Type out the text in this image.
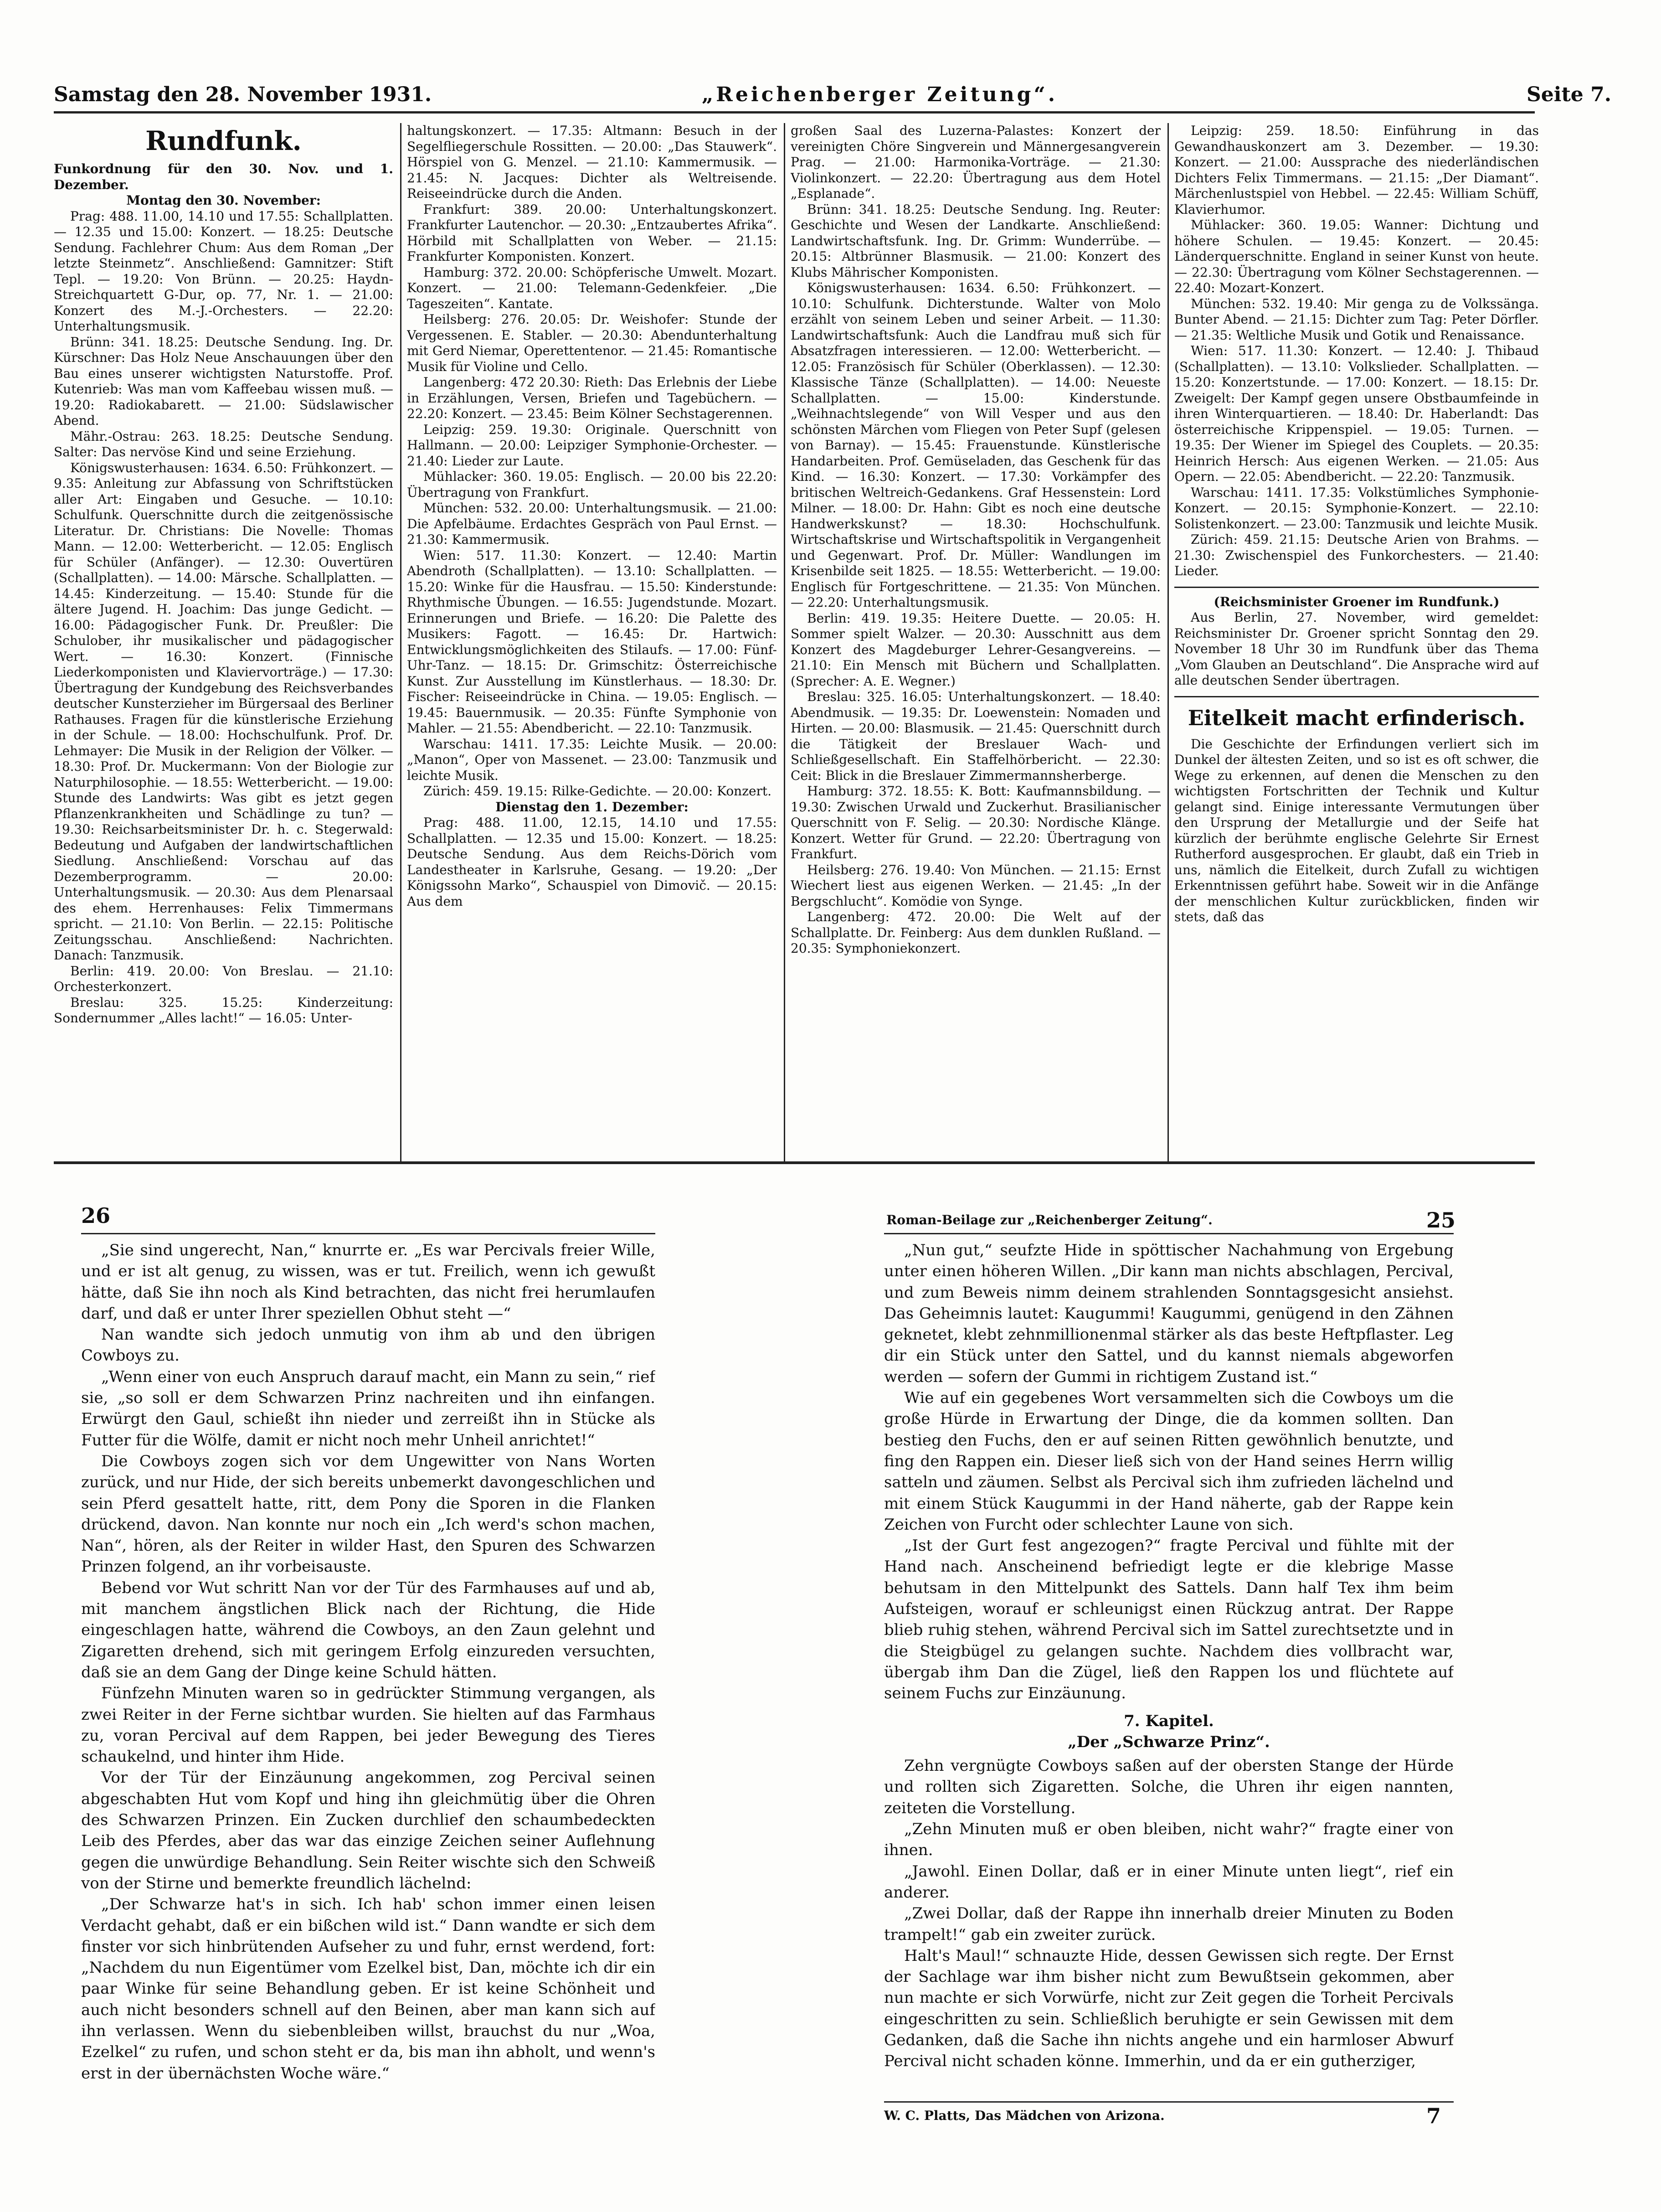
Samstag den 28. November 1931.	„Reichenberger Zeitung“.	Seite 7.

Rundfunk.

Funkordnung für den 30. Nov. und 1. Dezember.

Montag den 30. November:

Prag: 488. 11.00, 14.10 und 17.55: Schallplatten. — 12.35 und 15.00: Konzert. — 18.25: Deutsche Sendung. Fachlehrer Chum: Aus dem Roman „Der letzte Steinmetz“. Anschließend: Gamnitzer: Stift Tepl. — 19.20: Von Brünn. — 20.25: Haydn-Streichquartett G-Dur, op. 77, Nr. 1. — 21.00: Konzert des M.-J.-Orchesters. — 22.20: Unterhaltungsmusik.

Brünn: 341. 18.25: Deutsche Sendung. Ing. Dr. Kürschner: Das Holz Neue Anschauungen über den Bau eines unserer wichtigsten Naturstoffe. Prof. Kutenrieb: Was man vom Kaffeebau wissen muß. — 19.20: Radiokabarett. — 21.00: Südslawischer Abend.

Mähr.-Ostrau: 263. 18.25: Deutsche Sendung. Salter: Das nervöse Kind und seine Erziehung.

Königswusterhausen: 1634. 6.50: Frühkonzert. — 9.35: Anleitung zur Abfassung von Schriftstücken aller Art: Eingaben und Gesuche. — 10.10: Schulfunk. Querschnitte durch die zeitgenössische Literatur. Dr. Christians: Die Novelle: Thomas Mann. — 12.00: Wetterbericht. — 12.05: Englisch für Schüler (Anfänger). — 12.30: Ouvertüren (Schallplatten). — 14.00: Märsche. Schallplatten. — 14.45: Kinderzeitung. — 15.40: Stunde für die ältere Jugend. H. Joachim: Das junge Gedicht. — 16.00: Pädagogischer Funk. Dr. Preußler: Die Schulober, ihr musikalischer und pädagogischer Wert. — 16.30: Konzert. (Finnische Liederkomponisten und Klaviervorträge.) — 17.30: Übertragung der Kundgebung des Reichsverbandes deutscher Kunsterzieher im Bürgersaal des Berliner Rathauses. Fragen für die künstlerische Erziehung in der Schule. — 18.00: Hochschulfunk. Prof. Dr. Lehmayer: Die Musik in der Religion der Völker. — 18.30: Prof. Dr. Muckermann: Von der Biologie zur Naturphilosophie. — 18.55: Wetterbericht. — 19.00: Stunde des Landwirts: Was gibt es jetzt gegen Pflanzenkrankheiten und Schädlinge zu tun? — 19.30: Reichsarbeitsminister Dr. h. c. Stegerwald: Bedeutung und Aufgaben der landwirtschaftlichen Siedlung. Anschließend: Vorschau auf das Dezemberprogramm. — 20.00: Unterhaltungsmusik. — 20.30: Aus dem Plenarsaal des ehem. Herrenhauses: Felix Timmermans spricht. — 21.10: Von Berlin. — 22.15: Politische Zeitungsschau. Anschließend: Nachrichten. Danach: Tanzmusik.

Berlin: 419. 20.00: Von Breslau. — 21.10: Orchesterkonzert.

Breslau: 325. 15.25: Kinderzeitung: Sondernummer „Alles lacht!“ — 16.05: Unter-

haltungskonzert. — 17.35: Altmann: Besuch in der Segelfliegerschule Rossitten. — 20.00: „Das Stauwerk“. Hörspiel von G. Menzel. — 21.10: Kammermusik. — 21.45: N. Jacques: Dichter als Weltreisende. Reiseeindrücke durch die Anden.

Frankfurt: 389. 20.00: Unterhaltungskonzert. Frankfurter Lautenchor. — 20.30: „Entzaubertes Afrika“. Hörbild mit Schallplatten von Weber. — 21.15: Frankfurter Komponisten. Konzert.

Hamburg: 372. 20.00: Schöpferische Umwelt. Mozart. Konzert. — 21.00: Telemann-Gedenkfeier. „Die Tageszeiten“. Kantate.

Heilsberg: 276. 20.05: Dr. Weishofer: Stunde der Vergessenen. E. Stabler. — 20.30: Abendunterhaltung mit Gerd Niemar, Operettentenor. — 21.45: Romantische Musik für Violine und Cello.

Langenberg: 472 20.30: Rieth: Das Erlebnis der Liebe in Erzählungen, Versen, Briefen und Tagebüchern. — 22.20: Konzert. — 23.45: Beim Kölner Sechstagerennen.

Leipzig: 259. 19.30: Originale. Querschnitt von Hallmann. — 20.00: Leipziger Symphonie-Orchester. — 21.40: Lieder zur Laute.

Mühlacker: 360. 19.05: Englisch. — 20.00 bis 22.20: Übertragung von Frankfurt.

München: 532. 20.00: Unterhaltungsmusik. — 21.00: Die Apfelbäume. Erdachtes Gespräch von Paul Ernst. — 21.30: Kammermusik.

Wien: 517. 11.30: Konzert. — 12.40: Martin Abendroth (Schallplatten). — 13.10: Schallplatten. — 15.20: Winke für die Hausfrau. — 15.50: Kinderstunde: Rhythmische Übungen. — 16.55: Jugendstunde. Mozart. Erinnerungen und Briefe. — 16.20: Die Palette des Musikers: Fagott. — 16.45: Dr. Hartwich: Entwicklungsmöglichkeiten des Stilaufs. — 17.00: Fünf-Uhr-Tanz. — 18.15: Dr. Grimschitz: Österreichische Kunst. Zur Ausstellung im Künstlerhaus. — 18.30: Dr. Fischer: Reiseeindrücke in China. — 19.05: Englisch. — 19.45: Bauernmusik. — 20.35: Fünfte Symphonie von Mahler. — 21.55: Abendbericht. — 22.10: Tanzmusik.

Warschau: 1411. 17.35: Leichte Musik. — 20.00: „Manon“, Oper von Massenet. — 23.00: Tanzmusik und leichte Musik.

Zürich: 459. 19.15: Rilke-Gedichte. — 20.00: Konzert.

Dienstag den 1. Dezember:

Prag: 488. 11.00, 12.15, 14.10 und 17.55: Schallplatten. — 12.35 und 15.00: Konzert. — 18.25: Deutsche Sendung. Aus dem Reichs-Dörich vom Landestheater in Karlsruhe, Gesang. — 19.20: „Der Königssohn Marko“, Schauspiel von Dimovič. — 20.15: Aus dem

großen Saal des Luzerna-Palastes: Konzert der vereinigten Chöre Singverein und Männergesangverein Prag. — 21.00: Harmonika-Vorträge. — 21.30: Violinkonzert. — 22.20: Übertragung aus dem Hotel „Esplanade“.

Brünn: 341. 18.25: Deutsche Sendung. Ing. Reuter: Geschichte und Wesen der Landkarte. Anschließend: Landwirtschaftsfunk. Ing. Dr. Grimm: Wunderrübe. — 20.15: Altbrünner Blasmusik. — 21.00: Konzert des Klubs Mährischer Komponisten.

Königswusterhausen: 1634. 6.50: Frühkonzert. — 10.10: Schulfunk. Dichterstunde. Walter von Molo erzählt von seinem Leben und seiner Arbeit. — 11.30: Landwirtschaftsfunk: Auch die Landfrau muß sich für Absatzfragen interessieren. — 12.00: Wetterbericht. — 12.05: Französisch für Schüler (Oberklassen). — 12.30: Klassische Tänze (Schallplatten). — 14.00: Neueste Schallplatten. — 15.00: Kinderstunde. „Weihnachtslegende“ von Will Vesper und aus den schönsten Märchen vom Fliegen von Peter Supf (gelesen von Barnay). — 15.45: Frauenstunde. Künstlerische Handarbeiten. Prof. Gemüseladen, das Geschenk für das Kind. — 16.30: Konzert. — 17.30: Vorkämpfer des britischen Weltreich-Gedankens. Graf Hessenstein: Lord Milner. — 18.00: Dr. Hahn: Gibt es noch eine deutsche Handwerkskunst? — 18.30: Hochschulfunk. Wirtschaftskrise und Wirtschaftspolitik in Vergangenheit und Gegenwart. Prof. Dr. Müller: Wandlungen im Krisenbilde seit 1825. — 18.55: Wetterbericht. — 19.00: Englisch für Fortgeschrittene. — 21.35: Von München. — 22.20: Unterhaltungsmusik.

Berlin: 419. 19.35: Heitere Duette. — 20.05: H. Sommer spielt Walzer. — 20.30: Ausschnitt aus dem Konzert des Magdeburger Lehrer-Gesangvereins. — 21.10: Ein Mensch mit Büchern und Schallplatten. (Sprecher: A. E. Wegner.)

Breslau: 325. 16.05: Unterhaltungskonzert. — 18.40: Abendmusik. — 19.35: Dr. Loewenstein: Nomaden und Hirten. — 20.00: Blasmusik. — 21.45: Querschnitt durch die Tätigkeit der Breslauer Wach- und Schließgesellschaft. Ein Staffelhörbericht. — 22.30: Ceit: Blick in die Breslauer Zimmermannsherberge.

Hamburg: 372. 18.55: K. Bott: Kaufmannsbildung. — 19.30: Zwischen Urwald und Zuckerhut. Brasilianischer Querschnitt von F. Selig. — 20.30: Nordische Klänge. Konzert. Wetter für Grund. — 22.20: Übertragung von Frankfurt.

Heilsberg: 276. 19.40: Von München. — 21.15: Ernst Wiechert liest aus eigenen Werken. — 21.45: „In der Bergschlucht“. Komödie von Synge.

Langenberg: 472. 20.00: Die Welt auf der Schallplatte. Dr. Feinberg: Aus dem dunklen Rußland. — 20.35: Symphoniekonzert.

Leipzig: 259. 18.50: Einführung in das Gewandhauskonzert am 3. Dezember. — 19.30: Konzert. — 21.00: Aussprache des niederländischen Dichters Felix Timmermans. — 21.15: „Der Diamant“. Märchenlustspiel von Hebbel. — 22.45: William Schüff, Klavierhumor.

Mühlacker: 360. 19.05: Wanner: Dichtung und höhere Schulen. — 19.45: Konzert. — 20.45: Länderquerschnitte. England in seiner Kunst von heute. — 22.30: Übertragung vom Kölner Sechstagerennen. — 22.40: Mozart-Konzert.

München: 532. 19.40: Mir genga zu de Volkssänga. Bunter Abend. — 21.15: Dichter zum Tag: Peter Dörfler. — 21.35: Weltliche Musik und Gotik und Renaissance.

Wien: 517. 11.30: Konzert. — 12.40: J. Thibaud (Schallplatten). — 13.10: Volkslieder. Schallplatten. — 15.20: Konzertstunde. — 17.00: Konzert. — 18.15: Dr. Zweigelt: Der Kampf gegen unsere Obstbaumfeinde in ihren Winterquartieren. — 18.40: Dr. Haberlandt: Das österreichische Krippenspiel. — 19.05: Turnen. — 19.35: Der Wiener im Spiegel des Couplets. — 20.35: Heinrich Hersch: Aus eigenen Werken. — 21.05: Aus Opern. — 22.05: Abendbericht. — 22.20: Tanzmusik.

Warschau: 1411. 17.35: Volkstümliches Symphonie-Konzert. — 20.15: Symphonie-Konzert. — 22.10: Solistenkonzert. — 23.00: Tanzmusik und leichte Musik.

Zürich: 459. 21.15: Deutsche Arien von Brahms. — 21.30: Zwischenspiel des Funkorchesters. — 21.40: Lieder.

(Reichsminister Groener im Rundfunk.)

Aus Berlin, 27. November, wird gemeldet: Reichsminister Dr. Groener spricht Sonntag den 29. November 18 Uhr 30 im Rundfunk über das Thema „Vom Glauben an Deutschland“. Die Ansprache wird auf alle deutschen Sender übertragen.

Eitelkeit macht erfinderisch.

Die Geschichte der Erfindungen verliert sich im Dunkel der ältesten Zeiten, und so ist es oft schwer, die Wege zu erkennen, auf denen die Menschen zu den wichtigsten Fortschritten der Technik und Kultur gelangt sind. Einige interessante Vermutungen über den Ursprung der Metallurgie und der Seife hat kürzlich der berühmte englische Gelehrte Sir Ernest Rutherford ausgesprochen. Er glaubt, daß ein Trieb in uns, nämlich die Eitelkeit, durch Zufall zu wichtigen Erkenntnissen geführt habe. Soweit wir in die Anfänge der menschlichen Kultur zurückblicken, finden wir stets, daß das

26

„Sie sind ungerecht, Nan,“ knurrte er. „Es war Percivals freier Wille, und er ist alt genug, zu wissen, was er tut. Freilich, wenn ich gewußt hätte, daß Sie ihn noch als Kind betrachten, das nicht frei herumlaufen darf, und daß er unter Ihrer speziellen Obhut steht —“

Nan wandte sich jedoch unmutig von ihm ab und den übrigen Cowboys zu.

„Wenn einer von euch Anspruch darauf macht, ein Mann zu sein,“ rief sie, „so soll er dem Schwarzen Prinz nachreiten und ihn einfangen. Erwürgt den Gaul, schießt ihn nieder und zerreißt ihn in Stücke als Futter für die Wölfe, damit er nicht noch mehr Unheil anrichtet!“

Die Cowboys zogen sich vor dem Ungewitter von Nans Worten zurück, und nur Hide, der sich bereits unbemerkt davongeschlichen und sein Pferd gesattelt hatte, ritt, dem Pony die Sporen in die Flanken drückend, davon. Nan konnte nur noch ein „Ich werd's schon machen, Nan“, hören, als der Reiter in wilder Hast, den Spuren des Schwarzen Prinzen folgend, an ihr vorbeisauste.

Bebend vor Wut schritt Nan vor der Tür des Farmhauses auf und ab, mit manchem ängstlichen Blick nach der Richtung, die Hide eingeschlagen hatte, während die Cowboys, an den Zaun gelehnt und Zigaretten drehend, sich mit geringem Erfolg einzureden versuchten, daß sie an dem Gang der Dinge keine Schuld hätten.

Fünfzehn Minuten waren so in gedrückter Stimmung vergangen, als zwei Reiter in der Ferne sichtbar wurden. Sie hielten auf das Farmhaus zu, voran Percival auf dem Rappen, bei jeder Bewegung des Tieres schaukelnd, und hinter ihm Hide.

Vor der Tür der Einzäunung angekommen, zog Percival seinen abgeschabten Hut vom Kopf und hing ihn gleichmütig über die Ohren des Schwarzen Prinzen. Ein Zucken durchlief den schaumbedeckten Leib des Pferdes, aber das war das einzige Zeichen seiner Auflehnung gegen die unwürdige Behandlung. Sein Reiter wischte sich den Schweiß von der Stirne und bemerkte freundlich lächelnd:

„Der Schwarze hat's in sich. Ich hab' schon immer einen leisen Verdacht gehabt, daß er ein bißchen wild ist.“ Dann wandte er sich dem finster vor sich hinbrütenden Aufseher zu und fuhr, ernst werdend, fort: „Nachdem du nun Eigentümer vom Ezelkel bist, Dan, möchte ich dir ein paar Winke für seine Behandlung geben. Er ist keine Schönheit und auch nicht besonders schnell auf den Beinen, aber man kann sich auf ihn verlassen. Wenn du siebenbleiben willst, brauchst du nur „Woa, Ezelkel“ zu rufen, und schon steht er da, bis man ihn abholt, und wenn's erst in der übernächsten Woche wäre.“

Roman-Beilage zur „Reichenberger Zeitung“.	25

„Nun gut,“ seufzte Hide in spöttischer Nachahmung von Ergebung unter einen höheren Willen. „Dir kann man nichts abschlagen, Percival, und zum Beweis nimm deinem strahlenden Sonntagsgesicht ansiehst. Das Geheimnis lautet: Kaugummi! Kaugummi, genügend in den Zähnen geknetet, klebt zehnmillionenmal stärker als das beste Heftpflaster. Leg dir ein Stück unter den Sattel, und du kannst niemals abgeworfen werden — sofern der Gummi in richtigem Zustand ist.“

Wie auf ein gegebenes Wort versammelten sich die Cowboys um die große Hürde in Erwartung der Dinge, die da kommen sollten. Dan bestieg den Fuchs, den er auf seinen Ritten gewöhnlich benutzte, und fing den Rappen ein. Dieser ließ sich von der Hand seines Herrn willig satteln und zäumen. Selbst als Percival sich ihm zufrieden lächelnd und mit einem Stück Kaugummi in der Hand näherte, gab der Rappe kein Zeichen von Furcht oder schlechter Laune von sich.

„Ist der Gurt fest angezogen?“ fragte Percival und fühlte mit der Hand nach. Anscheinend befriedigt legte er die klebrige Masse behutsam in den Mittelpunkt des Sattels. Dann half Tex ihm beim Aufsteigen, worauf er schleunigst einen Rückzug antrat. Der Rappe blieb ruhig stehen, während Percival sich im Sattel zurechtsetzte und in die Steigbügel zu gelangen suchte. Nachdem dies vollbracht war, übergab ihm Dan die Zügel, ließ den Rappen los und flüchtete auf seinem Fuchs zur Einzäunung.

7. Kapitel.

„Der „Schwarze Prinz“.

Zehn vergnügte Cowboys saßen auf der obersten Stange der Hürde und rollten sich Zigaretten. Solche, die Uhren ihr eigen nannten, zeiteten die Vorstellung.

„Zehn Minuten muß er oben bleiben, nicht wahr?“ fragte einer von ihnen.

„Jawohl. Einen Dollar, daß er in einer Minute unten liegt“, rief ein anderer.

„Zwei Dollar, daß der Rappe ihn innerhalb dreier Minuten zu Boden trampelt!“ gab ein zweiter zurück.

Halt's Maul!“ schnauzte Hide, dessen Gewissen sich regte. Der Ernst der Sachlage war ihm bisher nicht zum Bewußtsein gekommen, aber nun machte er sich Vorwürfe, nicht zur Zeit gegen die Torheit Percivals eingeschritten zu sein. Schließlich beruhigte er sein Gewissen mit dem Gedanken, daß die Sache ihn nichts angehe und ein harmloser Abwurf Percival nicht schaden könne. Immerhin, und da er ein gutherziger,

W. C. Platts, Das Mädchen von Arizona.	7
